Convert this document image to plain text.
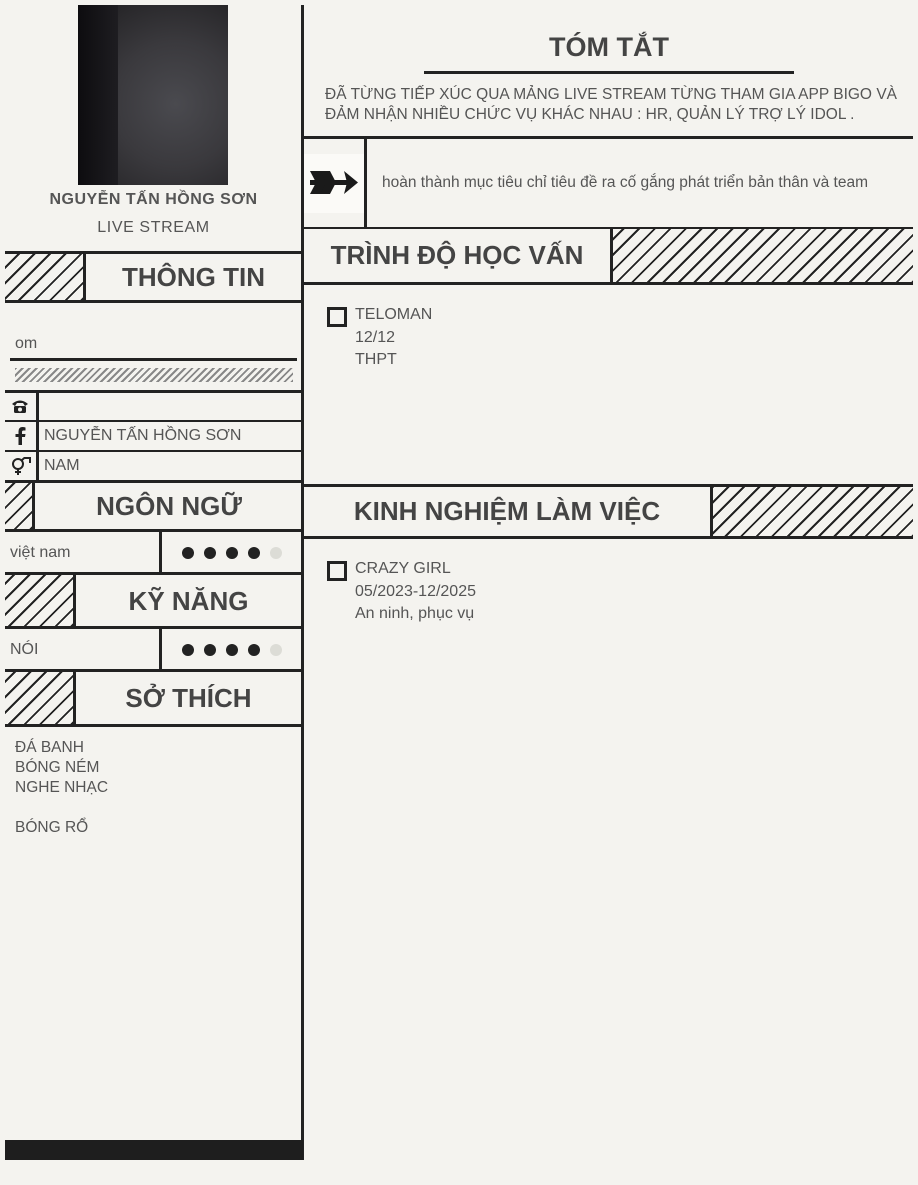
NGUYỄN TẤN HỒNG SƠN
LIVE STREAM
THÔNG TIN
om
NGUYỄN TẤN HỒNG SƠN
NAM
NGÔN NGỮ
việt nam
KỸ NĂNG
NÓI
SỞ THÍCH
ĐÁ BANH
BÓNG NÉM
NGHE NHẠC
BÓNG RỔ
TÓM TẮT
ĐÃ TỪNG TIẾP XÚC QUA MẢNG LIVE STREAM TỪNG THAM GIA APP BIGO VÀ ĐẢM NHẬN NHIỀU CHỨC VỤ KHÁC NHAU : HR, QUẢN LÝ TRỢ LÝ IDOL .
hoàn thành mục tiêu chỉ tiêu đề ra cố gắng phát triển bản thân và team
TRÌNH ĐỘ HỌC VẤN
TELOMAN
12/12
THPT
KINH NGHIỆM LÀM VIỆC
CRAZY GIRL
05/2023-12/2025
An ninh, phục vụ
